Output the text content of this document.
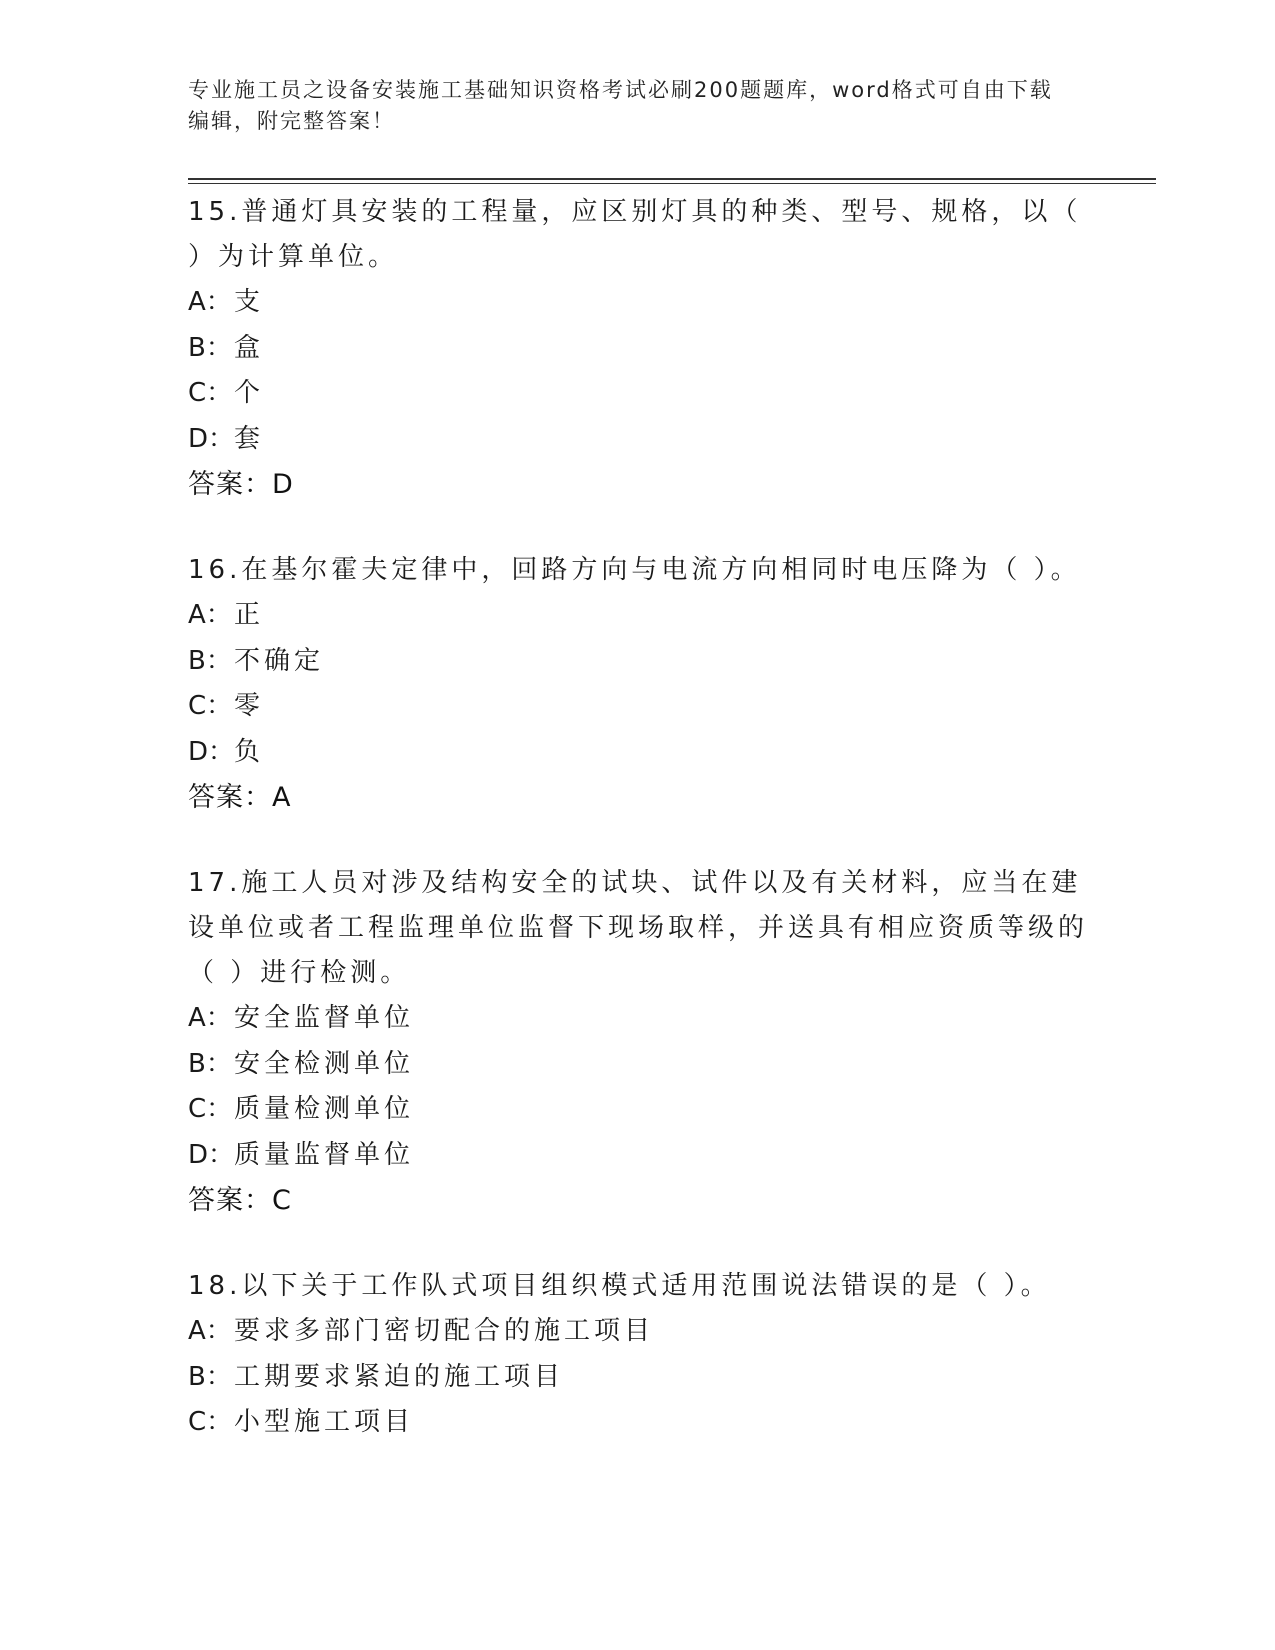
专业施工员之设备安装施工基础知识资格考试必刷200题题库，word格式可自由下载编辑，附完整答案！

15.普通灯具安装的工程量，应区别灯具的种类、型号、规格，以（ ）为计算单位。

A：支

B：盒

C：个

D：套

答案：D

16.在基尔霍夫定律中，回路方向与电流方向相同时电压降为（ ）。

A：正

B：不确定

C：零

D：负

答案：A

17.施工人员对涉及结构安全的试块、试件以及有关材料，应当在建设单位或者工程监理单位监督下现场取样，并送具有相应资质等级的（ ）进行检测。

A：安全监督单位

B：安全检测单位

C：质量检测单位

D：质量监督单位

答案：C

18.以下关于工作队式项目组织模式适用范围说法错误的是（ ）。

A：要求多部门密切配合的施工项目

B：工期要求紧迫的施工项目

C：小型施工项目
